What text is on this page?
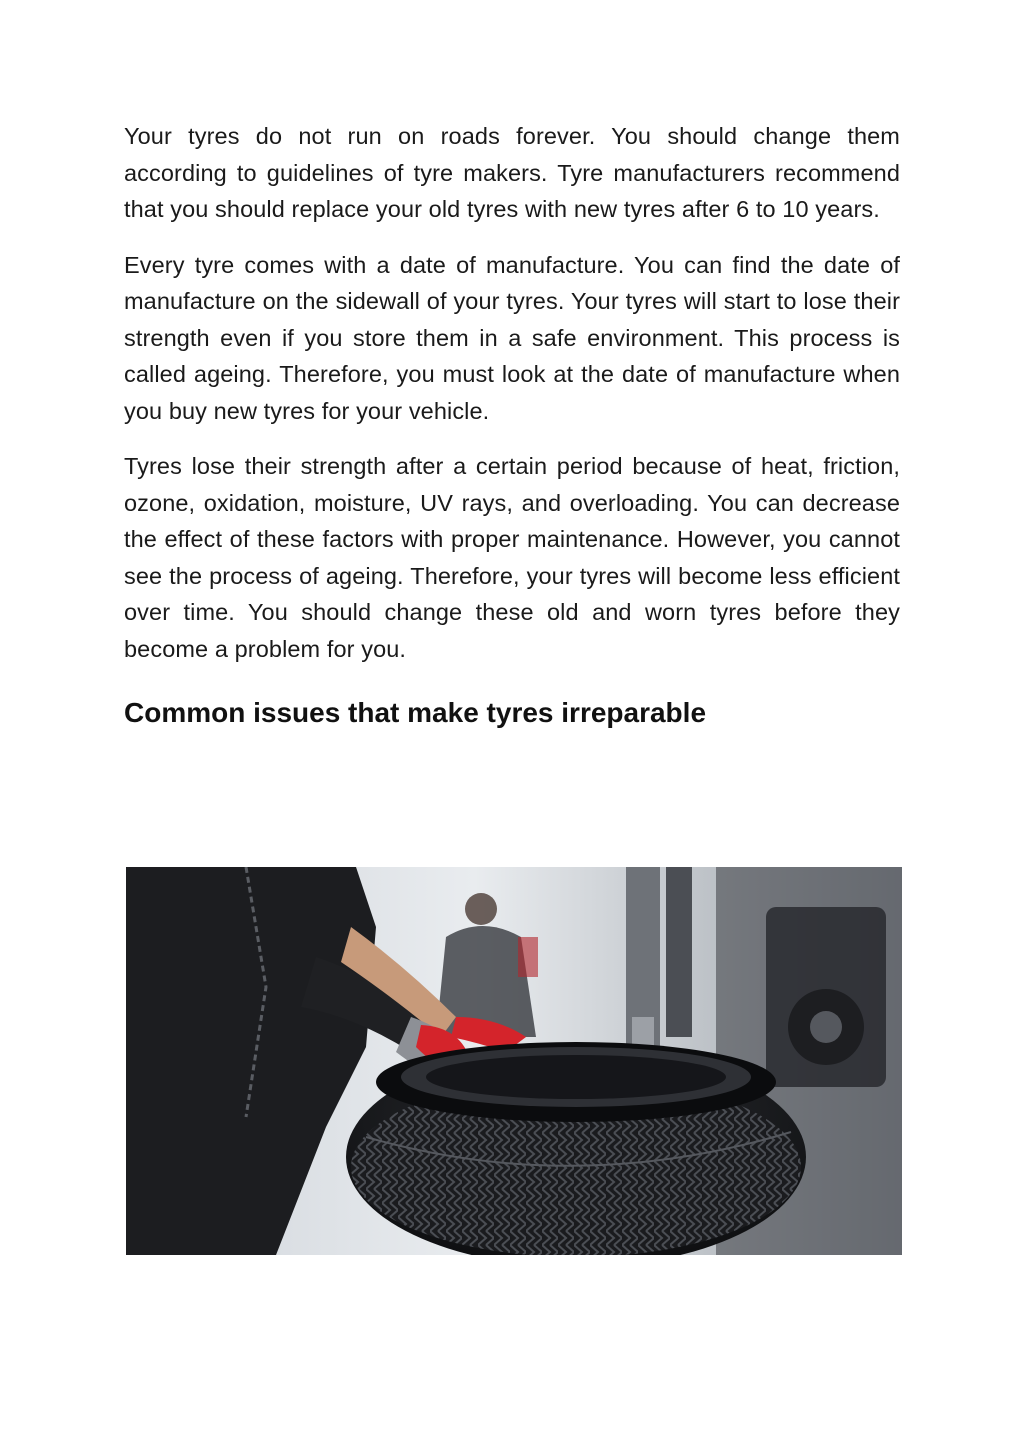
Your tyres do not run on roads forever. You should change them according to guidelines of tyre makers. Tyre manufacturers recommend that you should replace your old tyres with new tyres after 6 to 10 years.

Every tyre comes with a date of manufacture. You can find the date of manufacture on the sidewall of your tyres. Your tyres will start to lose their strength even if you store them in a safe environment. This process is called ageing. Therefore, you must look at the date of manufacture when you buy new tyres for your vehicle.

Tyres lose their strength after a certain period because of heat, friction, ozone, oxidation, moisture, UV rays, and overloading. You can decrease the effect of these factors with proper maintenance. However, you cannot see the process of ageing. Therefore, your tyres will become less efficient over time. You should change these old and worn tyres before they become a problem for you.

Common issues that make tyres irreparable
